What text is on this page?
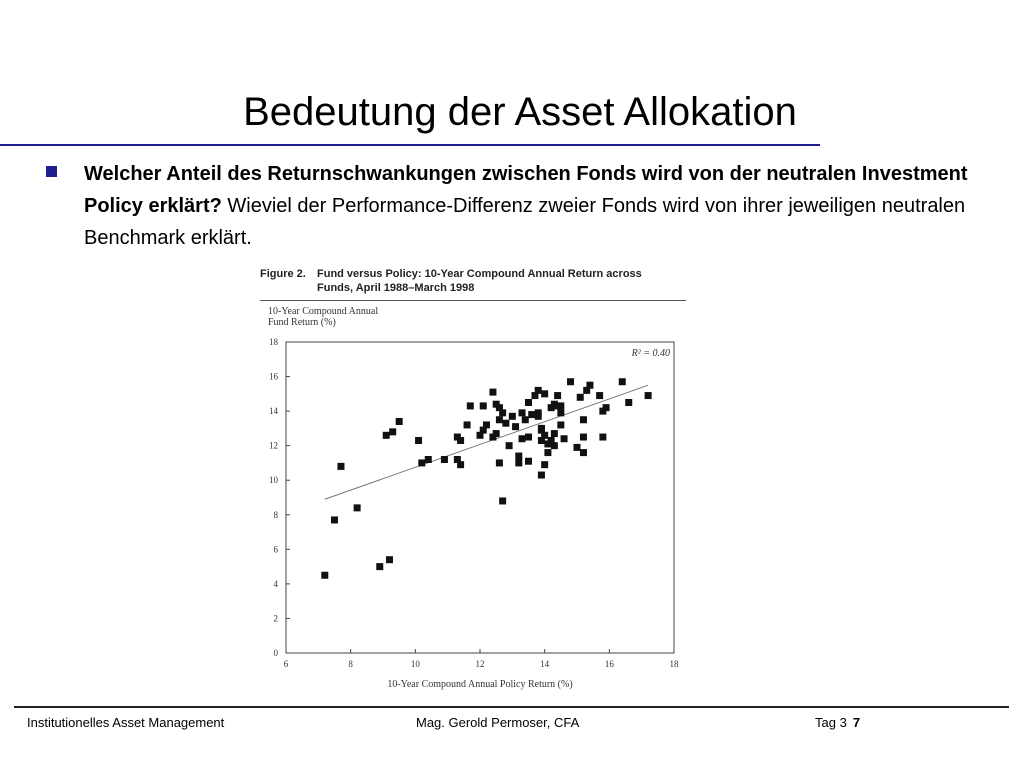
Bedeutung der Asset Allokation
Welcher Anteil des Returnschwankungen zwischen Fonds wird von der neutralen Investment Policy erklärt? Wieviel der Performance-Differenz zweier Fonds wird von ihrer jeweiligen neutralen Benchmark erklärt.
Figure 2. Fund versus Policy: 10-Year Compound Annual Return across
Funds, April 1988–March 1998
10-Year Compound Annual
Fund Return (%)
0
2
4
6
8
10
12
14
16
18
6	8	10	12	14	16	18
R² = 0.40
10-Year Compound Annual Policy Return (%)
Institutionelles Asset Management	Mag. Gerold Permoser, CFA	Tag 3 7
